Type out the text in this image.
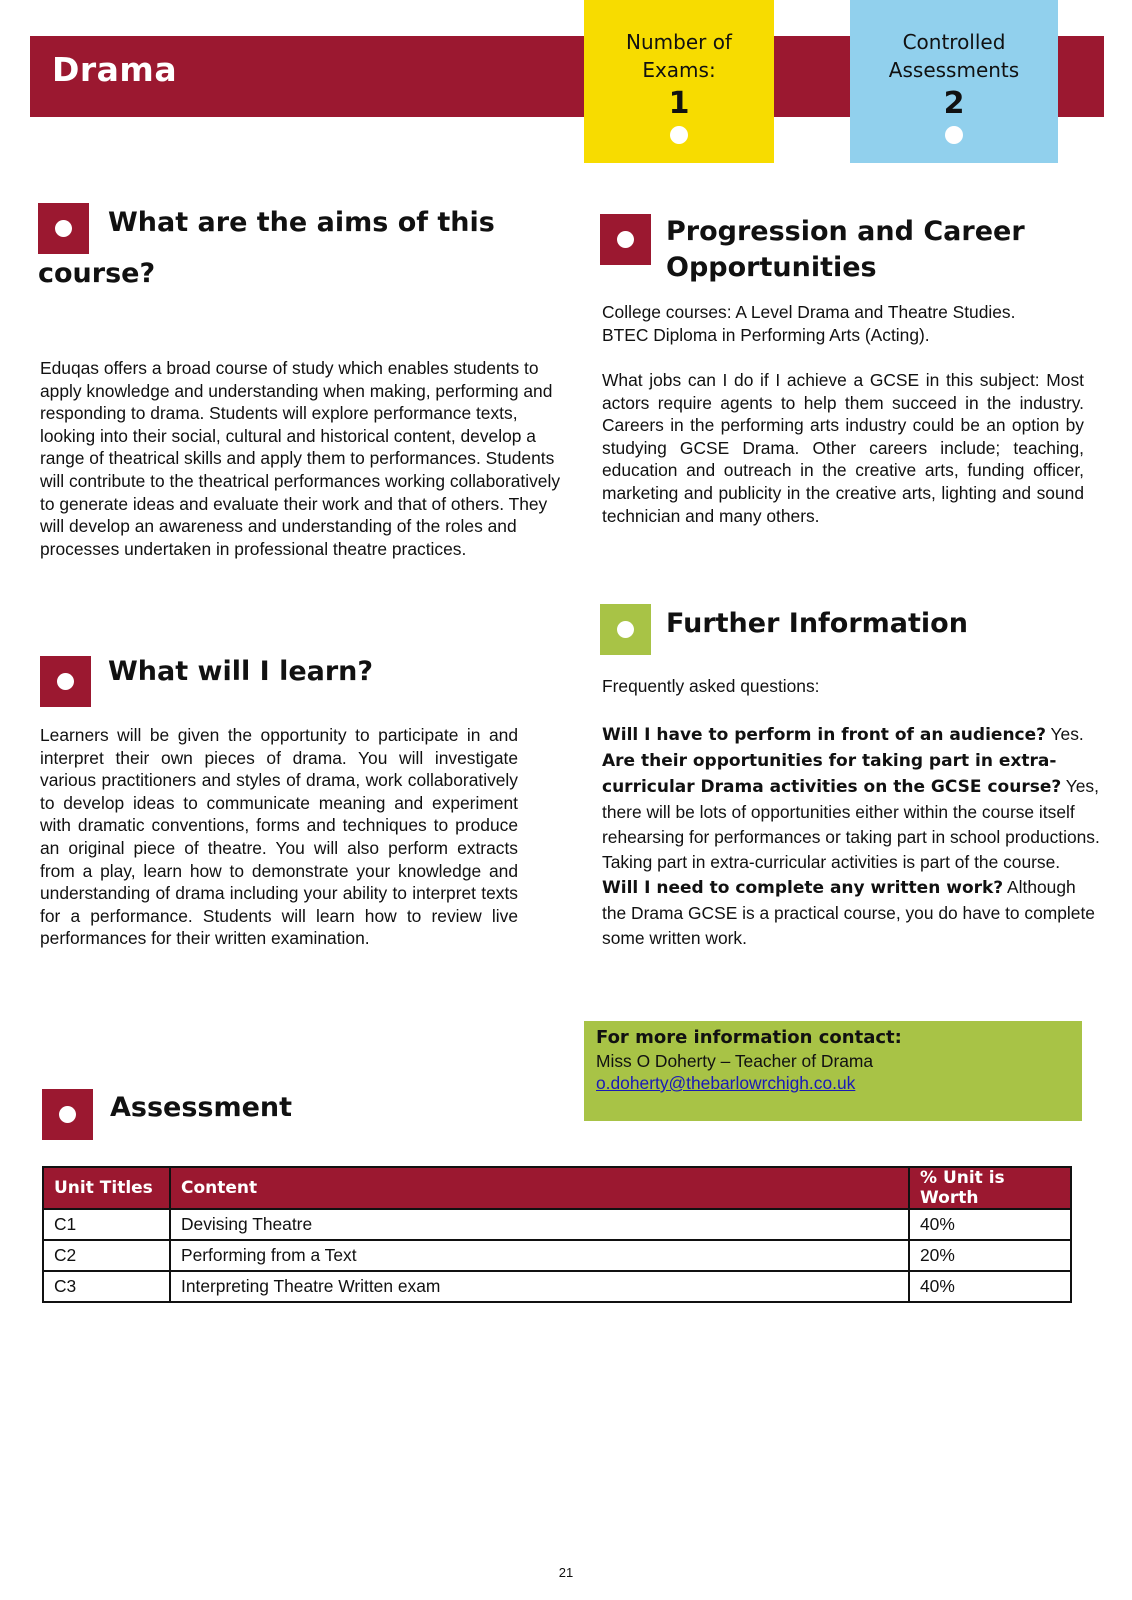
Drama
Number of
Exams:
1
Controlled
Assessments
2
What are the aims of this
course?
Eduqas offers a broad course of study which enables students to apply knowledge and understanding when making, performing and responding to drama. Students will explore performance texts, looking into their social, cultural and historical content, develop a range of theatrical skills and apply them to performances. Students will contribute to the theatrical performances working collaboratively to generate ideas and evaluate their work and that of others. They will develop an awareness and understanding of the roles and processes undertaken in professional theatre practices.
What will I learn?
Learners will be given the opportunity to participate in and interpret their own pieces of drama. You will investigate various practitioners and styles of drama, work collaboratively to develop ideas to communicate meaning and experiment with dramatic conventions, forms and techniques to produce an original piece of theatre. You will also perform extracts from a play, learn how to demonstrate your knowledge and understanding of drama including your ability to interpret texts for a performance. Students will learn how to review live performances for their written examination.
Progression and Career
Opportunities
College courses: A Level Drama and Theatre Studies.
BTEC Diploma in Performing Arts (Acting).
What jobs can I do if I achieve a GCSE in this subject: Most actors require agents to help them succeed in the industry. Careers in the performing arts industry could be an option by studying GCSE Drama. Other careers include; teaching, education and outreach in the creative arts, funding officer, marketing and publicity in the creative arts, lighting and sound technician and many others.
Further Information
Frequently asked questions:

Will I have to perform in front of an audience? Yes.

Are their opportunities for taking part in extra-curricular Drama activities on the GCSE course? Yes, there will be lots of opportunities either within the course itself rehearsing for performances or taking part in school productions. Taking part in extra-curricular activities is part of the course.

Will I need to complete any written work? Although the Drama GCSE is a practical course, you do have to complete some written work.

For more information contact:
Miss O Doherty – Teacher of Drama
o.doherty@thebarlowrchigh.co.uk
Assessment
Unit Titles	Content	% Unit is Worth
C1	Devising Theatre	40%
C2	Performing from a Text	20%
C3	Interpreting Theatre Written exam	40%
21
